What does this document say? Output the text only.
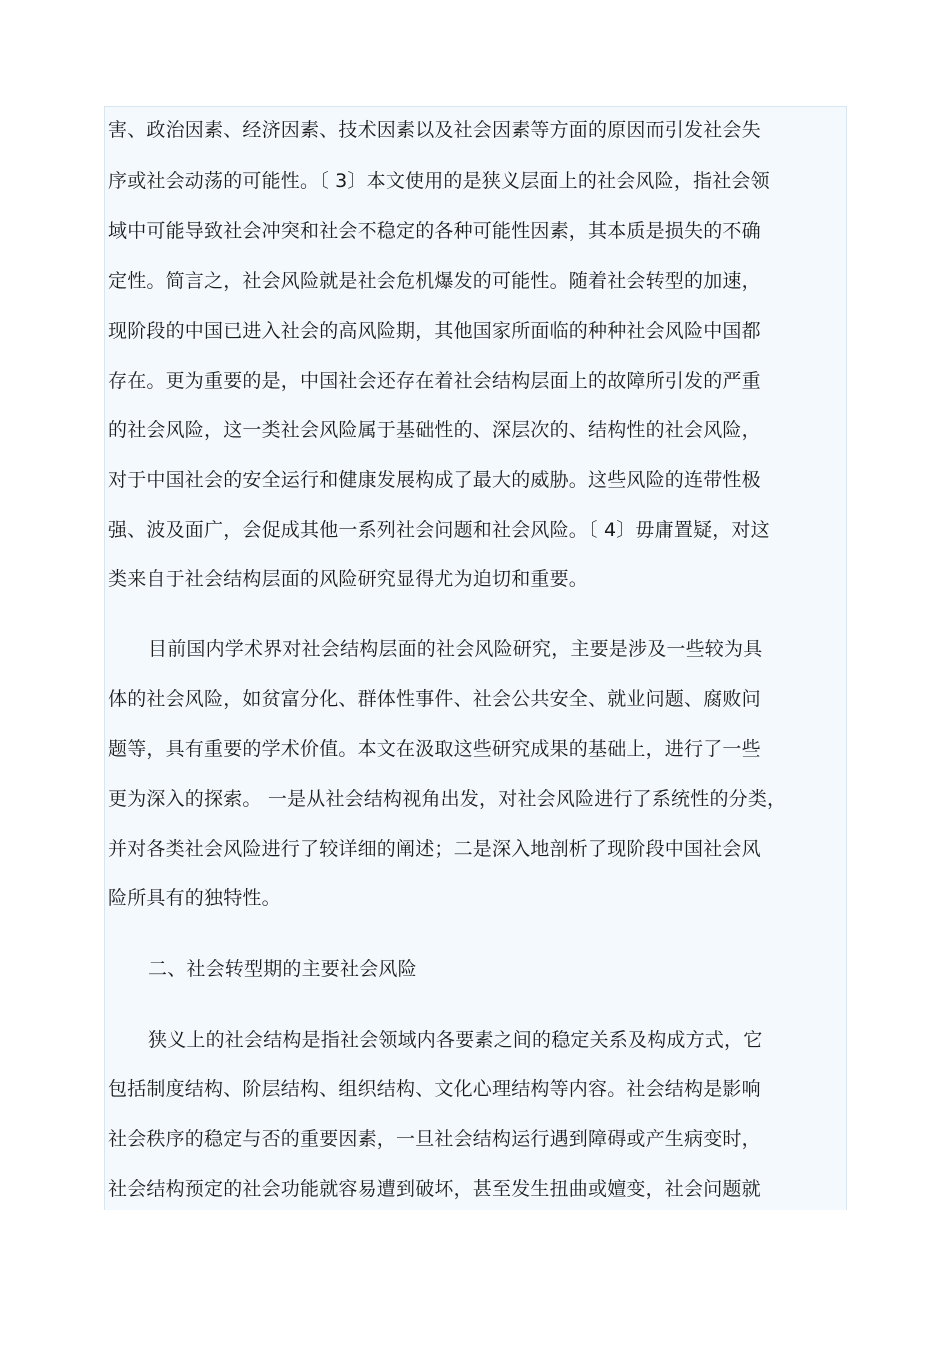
害、政治因素、经济因素、技术因素以及社会因素等方面的原因而引发社会失
序或社会动荡的可能性。〔 3〕本文使用的是狭义层面上的社会风险，指社会领
域中可能导致社会冲突和社会不稳定的各种可能性因素，其本质是损失的不确
定性。简言之，社会风险就是社会危机爆发的可能性。随着社会转型的加速，
现阶段的中国已进入社会的高风险期，其他国家所面临的种种社会风险中国都
存在。更为重要的是，中国社会还存在着社会结构层面上的故障所引发的严重
的社会风险，这一类社会风险属于基础性的、深层次的、结构性的社会风险，
对于中国社会的安全运行和健康发展构成了最大的威胁。这些风险的连带性极
强、波及面广，会促成其他一系列社会问题和社会风险。〔 4〕毋庸置疑，对这
类来自于社会结构层面的风险研究显得尤为迫切和重要。
目前国内学术界对社会结构层面的社会风险研究，主要是涉及一些较为具
体的社会风险，如贫富分化、群体性事件、社会公共安全、就业问题、腐败问
题等，具有重要的学术价值。本文在汲取这些研究成果的基础上，进行了一些
更为深入的探索。 一是从社会结构视角出发，对社会风险进行了系统性的分类，
并对各类社会风险进行了较详细的阐述；二是深入地剖析了现阶段中国社会风
险所具有的独特性。
二、社会转型期的主要社会风险
狭义上的社会结构是指社会领域内各要素之间的稳定关系及构成方式，它
包括制度结构、阶层结构、组织结构、文化心理结构等内容。社会结构是影响
社会秩序的稳定与否的重要因素，一旦社会结构运行遇到障碍或产生病变时，
社会结构预定的社会功能就容易遭到破坏，甚至发生扭曲或嬗变，社会问题就
